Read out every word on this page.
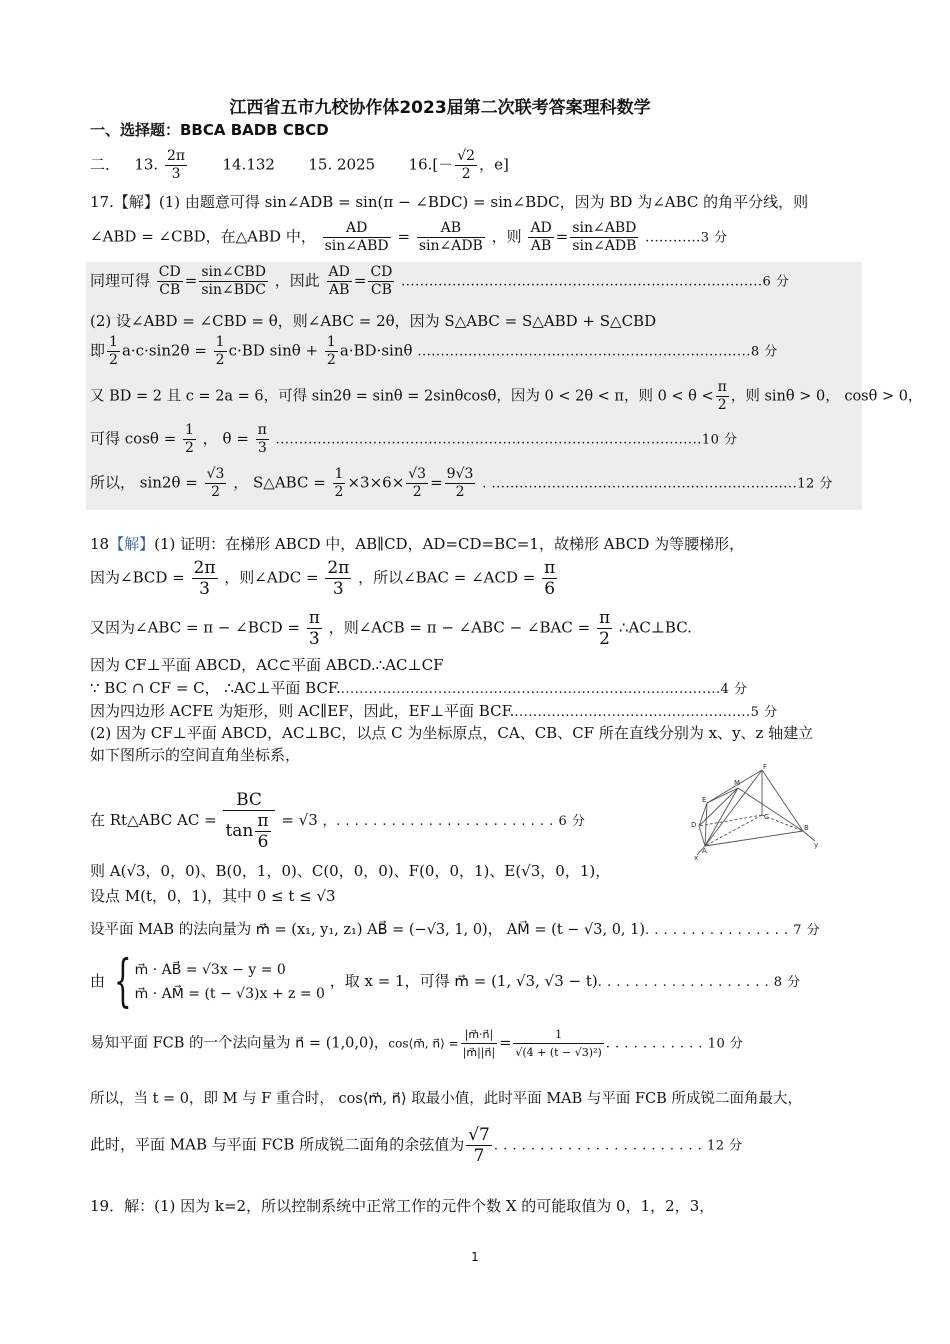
江西省五市九校协作体2023届第二次联考答案理科数学
一、选择题：BBCA BADB CBCD
二． 13. $\frac{2\pi}{3} 14.132$ 15. 2025 $16.[- \frac{√2}{2}$ ，e]
17.【解】(1) 由题意可得 sin∠ADB = sin(π − ∠BDC) = sin∠BDC，因为 BD 为∠ABC 的角平分线，则
∠ABD = ∠CBD，在△ABD 中， $\frac{AD}{\text{sin∠ABD}} = \frac{AB}{\text{sin∠ADB}}$ ，则 $\frac{AD}{AB} = \frac{\text{sin∠ABD}}{\text{sin∠ADB}} ............3$ 分
同理可得 $\frac{CD}{CB} = \frac{\text{sin∠CBD}}{\text{sin∠BDC}}$ ，因此 $\frac{AD}{AB} = \frac{CD}{CB} ..............................................................................6$ 分
(2) 设∠ABD = ∠CBD = θ，则∠ABC = 2θ，因为 S△ABC = S△ABD + S△CBD
即 $\frac{1}{2} a\cdot c\cdot\sin 2\theta = \frac{1}{2} c\cdot BD$ $\sin\theta + \frac{1}{2} a\cdot BD\cdot\sin\theta$ ........................................................................8 分
又 BD = 2 且 c = 2a = 6，可得 sin2θ = sinθ = 2sinθcosθ，因为 0 < 2θ < π，则 $0 < \theta < \frac{\pi}{2}$ ，则 sinθ > 0， cosθ > 0，
可得 $\cos\theta = \frac{1}{2}$ ， $\theta = \frac{\pi}{3} ............................................................................................10$ 分
所以， $\sin 2\theta = \frac{√3}{2}$ ， S△ABC = $\frac{1}{2} \times 3\times 6\times \frac{√3}{2} = \frac{9√3}{2}$ . ..................................................................12 分
18【解】(1) 证明：在梯形 ABCD 中，AB∥CD，AD=CD=BC=1，故梯形 ABCD 为等腰梯形，
因为∠BCD = $\frac{2\pi}{3}$ ，则∠ADC = $\frac{2\pi}{3}$ ，所以∠BAC = ∠ACD = $\frac{\pi}{6}$
又因为∠ABC = π − ∠BCD = $\frac{\pi}{3}$ ，则∠ACB = π − ∠ABC − ∠BAC = $\frac{\pi}{2}$ ∴AC⊥BC.
因为 CF⊥平面 ABCD，AC⊂平面 ABCD.∴AC⊥CF
∵ BC ∩ CF = C， ∴AC⊥平面 BCF...................................................................................4 分
因为四边形 ACFE 为矩形，则 AC∥EF，因此，EF⊥平面 BCF....................................................5 分
(2) 因为 CF⊥平面 ABCD，AC⊥BC，以点 C 为坐标原点，CA、CB、CF 所在直线分别为 x、y、z 轴建立
如下图所示的空间直角坐标系，
F
M
E
D
C
B
A
x
y
在 Rt△ABC AC = $\frac{BC}{\tan \frac{\pi}{6}} = √3$ ，. . . . . . . . . . . . . . . . . . . . . . . . 6 分
则 A(√3，0，0)、B(0，1，0)、C(0，0，0)、F(0，0，1)、E(√3，0，1)，
设点 M(t，0，1)，其中 0 ≤ t ≤ √3
设平面 MAB 的法向量为 m⃗ = (x₁, y₁, z₁) AB⃗ = (−√3, 1, 0)， AM⃗ = (t − √3, 0, 1). . . . . . . . . . . . . . . . 7 分
由 { m⃗ · AB⃗ = √3x − y = 0
m⃗ · AM⃗ = (t − √3)x + z = 0
，取 x = 1，可得 m⃗ = (1, √3, √3 − t). . . . . . . . . . . . . . . . . . . 8 分
易知平面 FCB 的一个法向量为 n⃗ = (1,0,0)，cos⟨m⃗, n⃗⟩ = $\frac{|m⃗\cdot n⃗|}{|m⃗||n⃗|} = \frac{1}{\text{√(4 + (t − √3)²)}}$ . . . . . . . . . . . 10 分
所以，当 t = 0，即 M 与 F 重合时， cos⟨m⃗, n⃗⟩ 取最小值，此时平面 MAB 与平面 FCB 所成锐二面角最大，
此时，平面 MAB 与平面 FCB 所成锐二面角的余弦值为 $\frac{√7}{7}$ . . . . . . . . . . . . . . . . . . . . . . . 12 分
19．解：(1) 因为 k=2，所以控制系统中正常工作的元件个数 X 的可能取值为 0，1，2，3，
1
